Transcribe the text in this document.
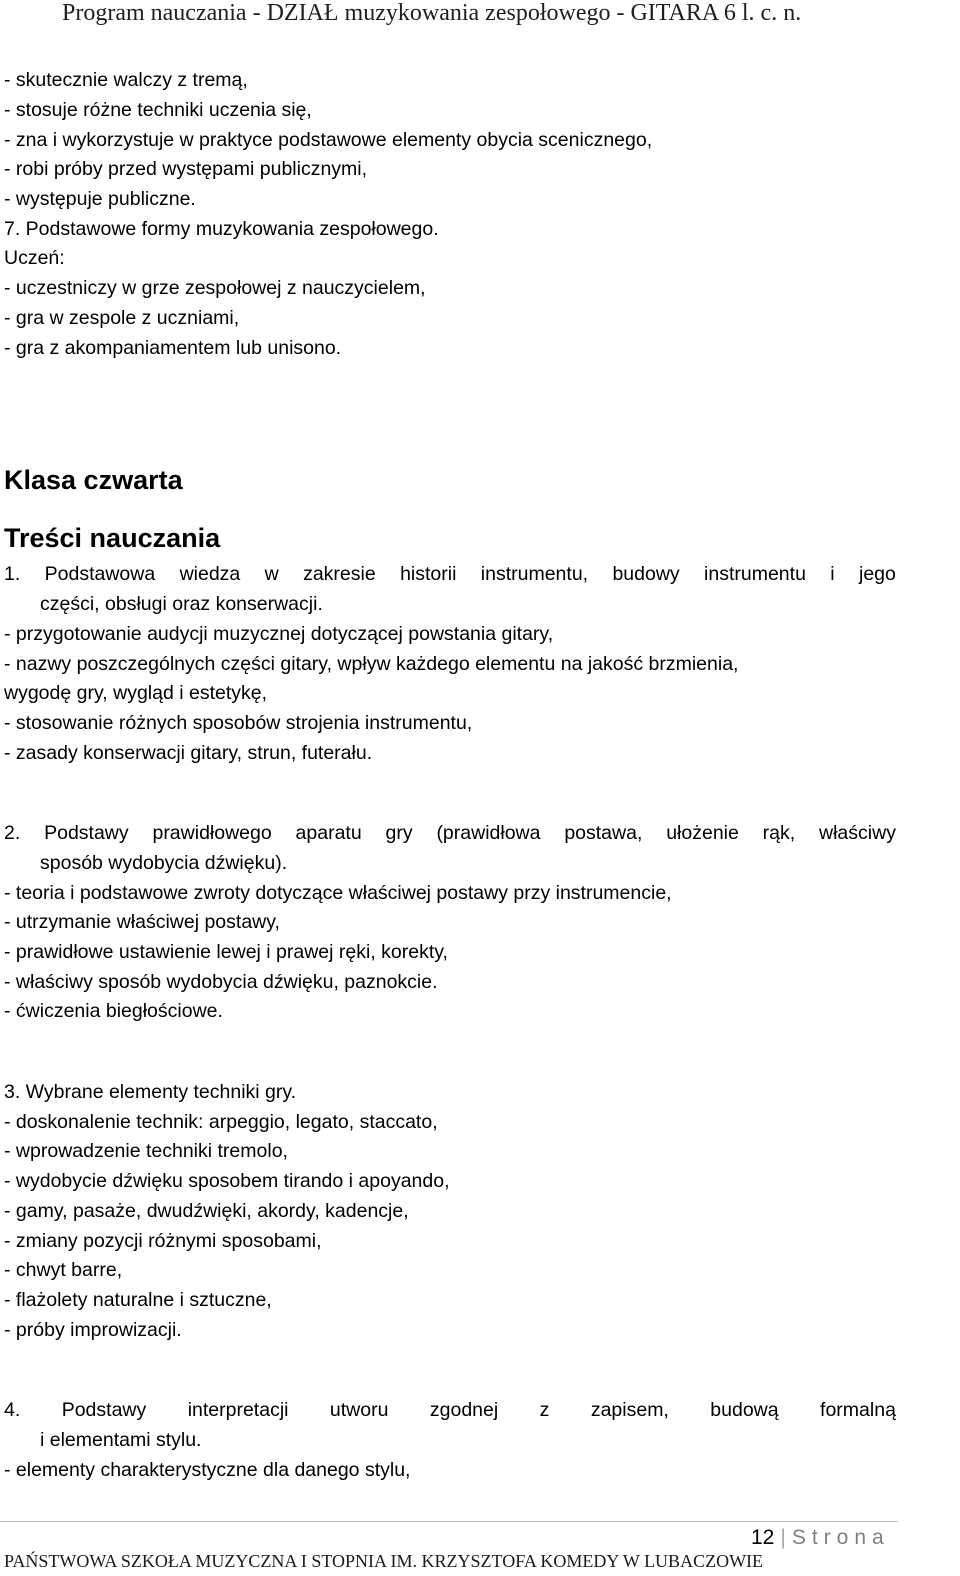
Program nauczania - DZIAŁ muzykowania zespołowego - GITARA 6 l. c. n.
- skutecznie walczy z tremą,
- stosuje różne techniki uczenia się,
- zna i wykorzystuje w praktyce podstawowe elementy obycia scenicznego,
- robi próby przed występami publicznymi,
- występuje publiczne.
7. Podstawowe formy muzykowania zespołowego.
Uczeń:
- uczestniczy w grze zespołowej z nauczycielem,
- gra w zespole z uczniami,
- gra z akompaniamentem lub unisono.
Klasa czwarta
Treści nauczania
1. Podstawowa wiedza w zakresie historii instrumentu, budowy instrumentu i jego
części, obsługi oraz konserwacji.
- przygotowanie audycji muzycznej dotyczącej powstania gitary,
- nazwy poszczególnych części gitary, wpływ każdego elementu na jakość brzmienia,
wygodę gry, wygląd i estetykę,
- stosowanie różnych sposobów strojenia instrumentu,
- zasady konserwacji gitary, strun, futerału.
2. Podstawy prawidłowego aparatu gry (prawidłowa postawa, ułożenie rąk, właściwy
sposób wydobycia dźwięku).
- teoria i podstawowe zwroty dotyczące właściwej postawy przy instrumencie,
- utrzymanie właściwej postawy,
- prawidłowe ustawienie lewej i prawej ręki, korekty,
- właściwy sposób wydobycia dźwięku, paznokcie.
- ćwiczenia biegłościowe.
3. Wybrane elementy techniki gry.
- doskonalenie technik: arpeggio, legato, staccato,
- wprowadzenie techniki tremolo,
- wydobycie dźwięku sposobem tirando i apoyando,
- gamy, pasaże, dwudźwięki, akordy, kadencje,
- zmiany pozycji różnymi sposobami,
- chwyt barre,
- flażolety naturalne i sztuczne,
- próby improwizacji.
4. Podstawy interpretacji utworu zgodnej z zapisem, budową formalną
i elementami stylu.
- elementy charakterystyczne dla danego stylu,
12 | Strona
PAŃSTWOWA SZKOŁA MUZYCZNA I STOPNIA IM. KRZYSZTOFA KOMEDY W LUBACZOWIE
